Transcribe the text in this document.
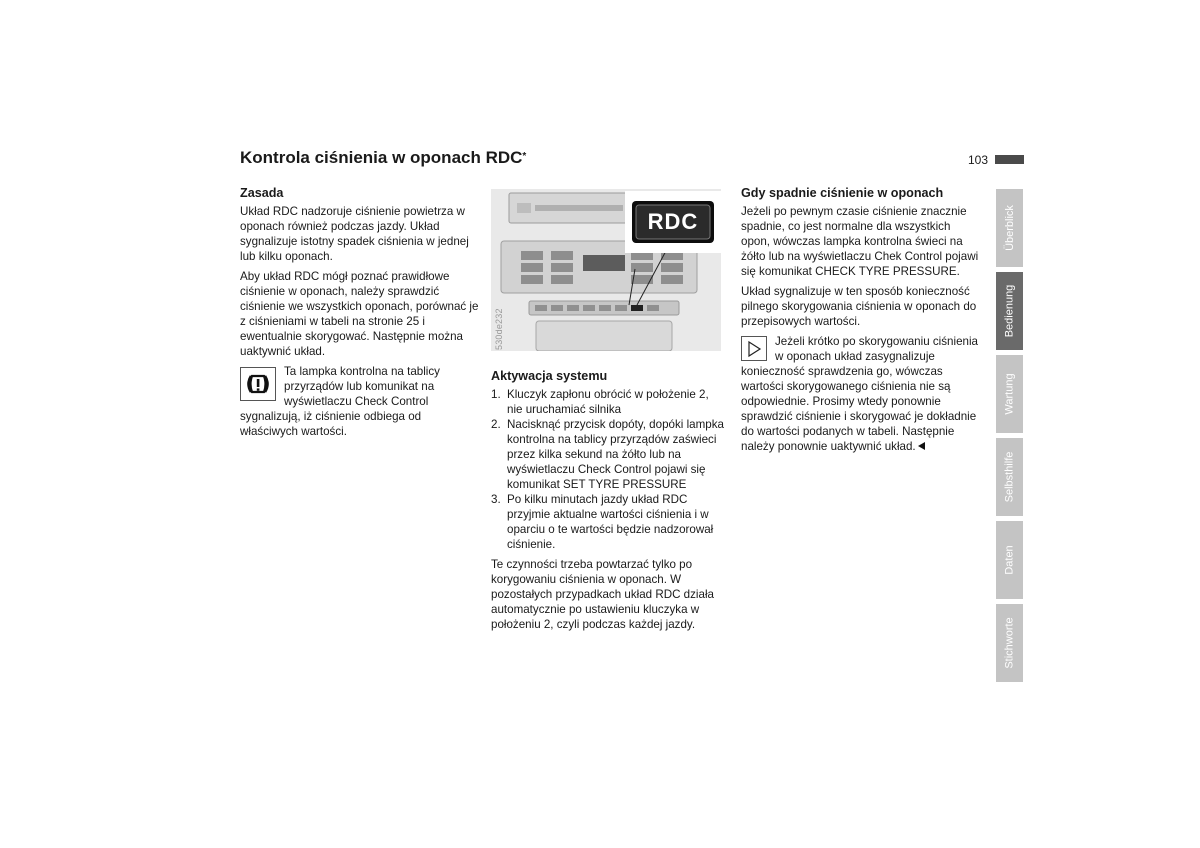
Kontrola ciśnienia w oponach RDC*	103
Zasada

Układ RDC nadzoruje ciśnienie powietrza w oponach również podczas jazdy. Układ sygnalizuje istotny spadek ciśnienia w jednej lub kilku oponach.

Aby układ RDC mógł poznać prawidłowe ciśnienie w oponach, należy sprawdzić ciśnienie we wszystkich oponach, porównać je z ciśnieniami w tabeli na stronie 25 i ewentualnie skorygować. Następnie można uaktywnić układ.

Ta lampka kontrolna na tablicy przyrządów lub komunikat na wyświetlaczu Check Control sygnalizują, iż ciśnienie odbiega od właściwych wartości.

RDC
530de232
Aktywacja systemu
1. Kluczyk zapłonu obrócić w położenie 2, nie uruchamiać silnika
2. Nacisknąć przycisk dopóty, dopóki lampka kontrolna na tablicy przyrządów zaświeci przez kilka sekund na żółto lub na wyświetlaczu Check Control pojawi się komunikat SET TYRE PRESSURE
3. Po kilku minutach jazdy układ RDC przyjmie aktualne wartości ciśnienia i w oparciu o te wartości będzie nadzorował ciśnienie.

Te czynności trzeba powtarzać tylko po korygowaniu ciśnienia w oponach. W pozostałych przypadkach układ RDC działa automatycznie po ustawieniu kluczyka w położeniu 2, czyli podczas każdej jazdy.

Gdy spadnie ciśnienie w oponach

Jeżeli po pewnym czasie ciśnienie znacznie spadnie, co jest normalne dla wszystkich opon, wówczas lampka kontrolna świeci na żółto lub na wyświetlaczu Chek Control pojawi się komunikat CHECK TYRE PRESSURE.

Układ sygnalizuje w ten sposób konieczność pilnego skorygowania ciśnienia w oponach do przepisowych wartości.

Jeżeli krótko po skorygowaniu ciśnienia w oponach układ zasygnalizuje konieczność sprawdzenia go, wówczas wartości skorygowanego ciśnienia nie są odpowiednie. Prosimy wtedy ponownie sprawdzić ciśnienie i skorygować je dokładnie do wartości podanych w tabeli. Następnie należy ponownie uaktywnić układ.

Überblick
Bedienung
Wartung
Selbsthilfe
Daten
Stichworte
